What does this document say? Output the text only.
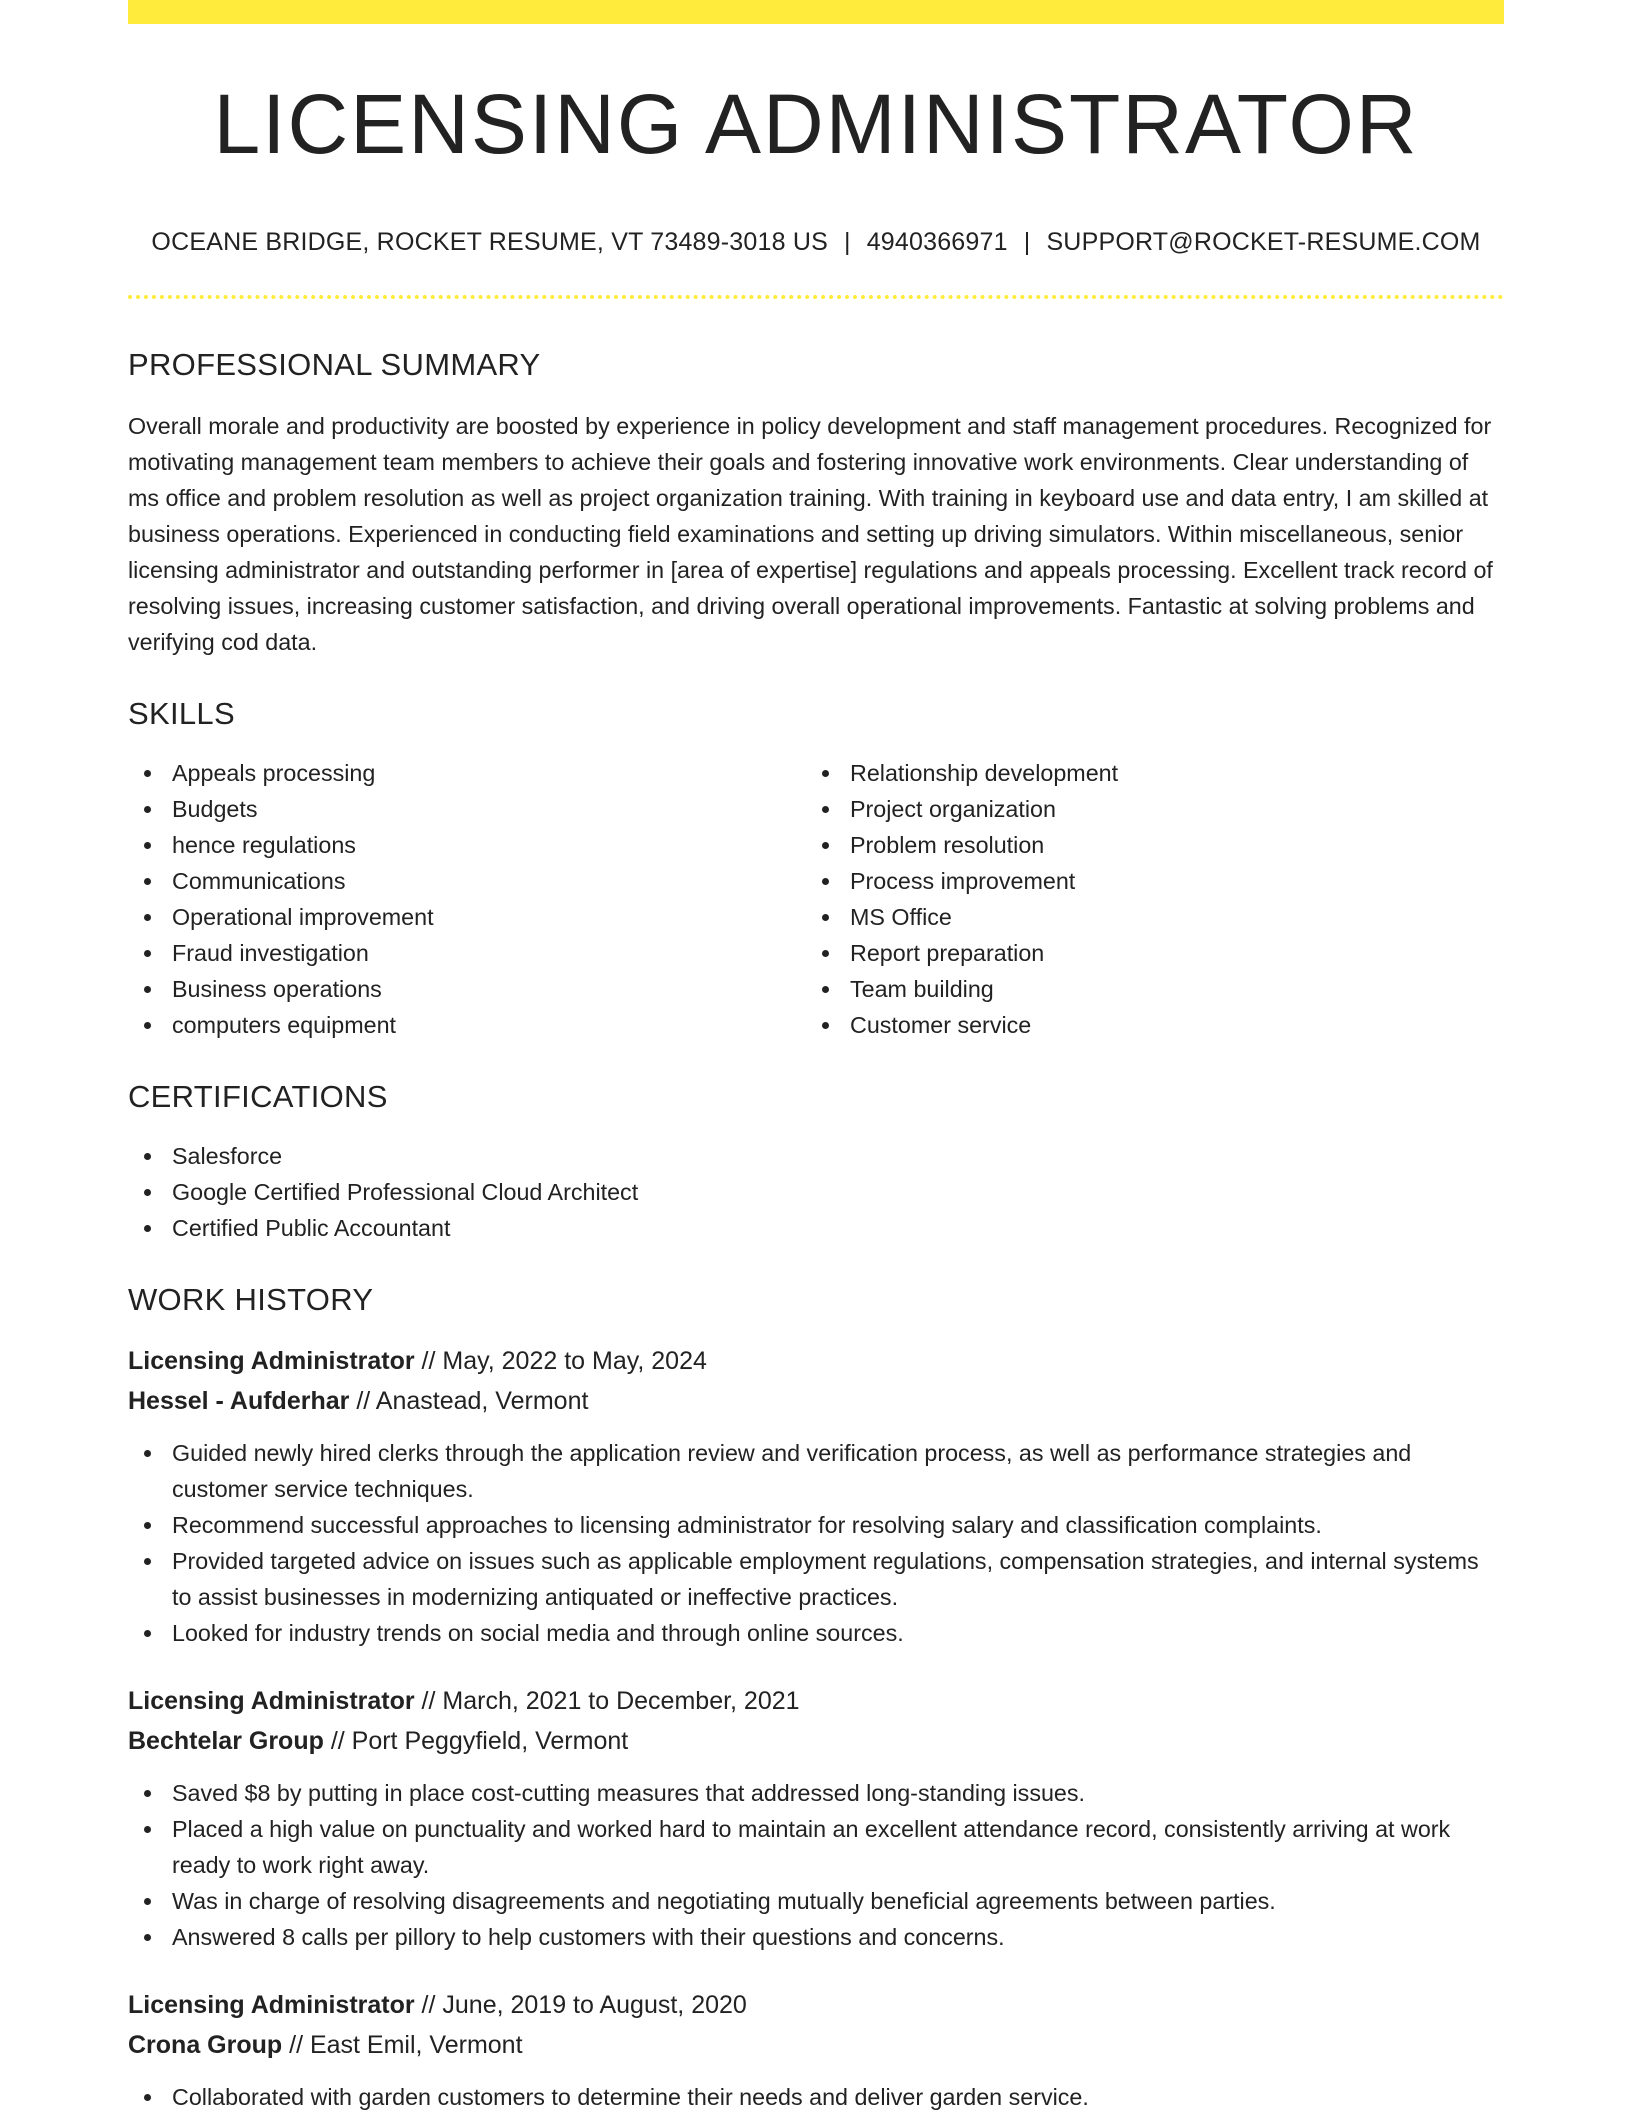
LICENSING ADMINISTRATOR
OCEANE BRIDGE, ROCKET RESUME, VT 73489-3018 US | 4940366971 | SUPPORT@ROCKET-RESUME.COM
PROFESSIONAL SUMMARY

Overall morale and productivity are boosted by experience in policy development and staff management procedures. Recognized for motivating management team members to achieve their goals and fostering innovative work environments. Clear understanding of ms office and problem resolution as well as project organization training. With training in keyboard use and data entry, I am skilled at business operations. Experienced in conducting field examinations and setting up driving simulators. Within miscellaneous, senior licensing administrator and outstanding performer in [area of expertise] regulations and appeals processing. Excellent track record of resolving issues, increasing customer satisfaction, and driving overall operational improvements. Fantastic at solving problems and verifying cod data.

SKILLS
Appeals processing
Budgets
hence regulations
Communications
Operational improvement
Fraud investigation
Business operations
computers equipment
Relationship development
Project organization
Problem resolution
Process improvement
MS Office
Report preparation
Team building
Customer service
CERTIFICATIONS
Salesforce
Google Certified Professional Cloud Architect
Certified Public Accountant
WORK HISTORY
Licensing Administrator // May, 2022 to May, 2024
Hessel - Aufderhar // Anastead, Vermont
Guided newly hired clerks through the application review and verification process, as well as performance strategies and customer service techniques.
Recommend successful approaches to licensing administrator for resolving salary and classification complaints.
Provided targeted advice on issues such as applicable employment regulations, compensation strategies, and internal systems to assist businesses in modernizing antiquated or ineffective practices.
Looked for industry trends on social media and through online sources.
Licensing Administrator // March, 2021 to December, 2021
Bechtelar Group // Port Peggyfield, Vermont
Saved $8 by putting in place cost-cutting measures that addressed long-standing issues.
Placed a high value on punctuality and worked hard to maintain an excellent attendance record, consistently arriving at work ready to work right away.
Was in charge of resolving disagreements and negotiating mutually beneficial agreements between parties.
Answered 8 calls per pillory to help customers with their questions and concerns.
Licensing Administrator // June, 2019 to August, 2020
Crona Group // East Emil, Vermont
Collaborated with garden customers to determine their needs and deliver garden service.
